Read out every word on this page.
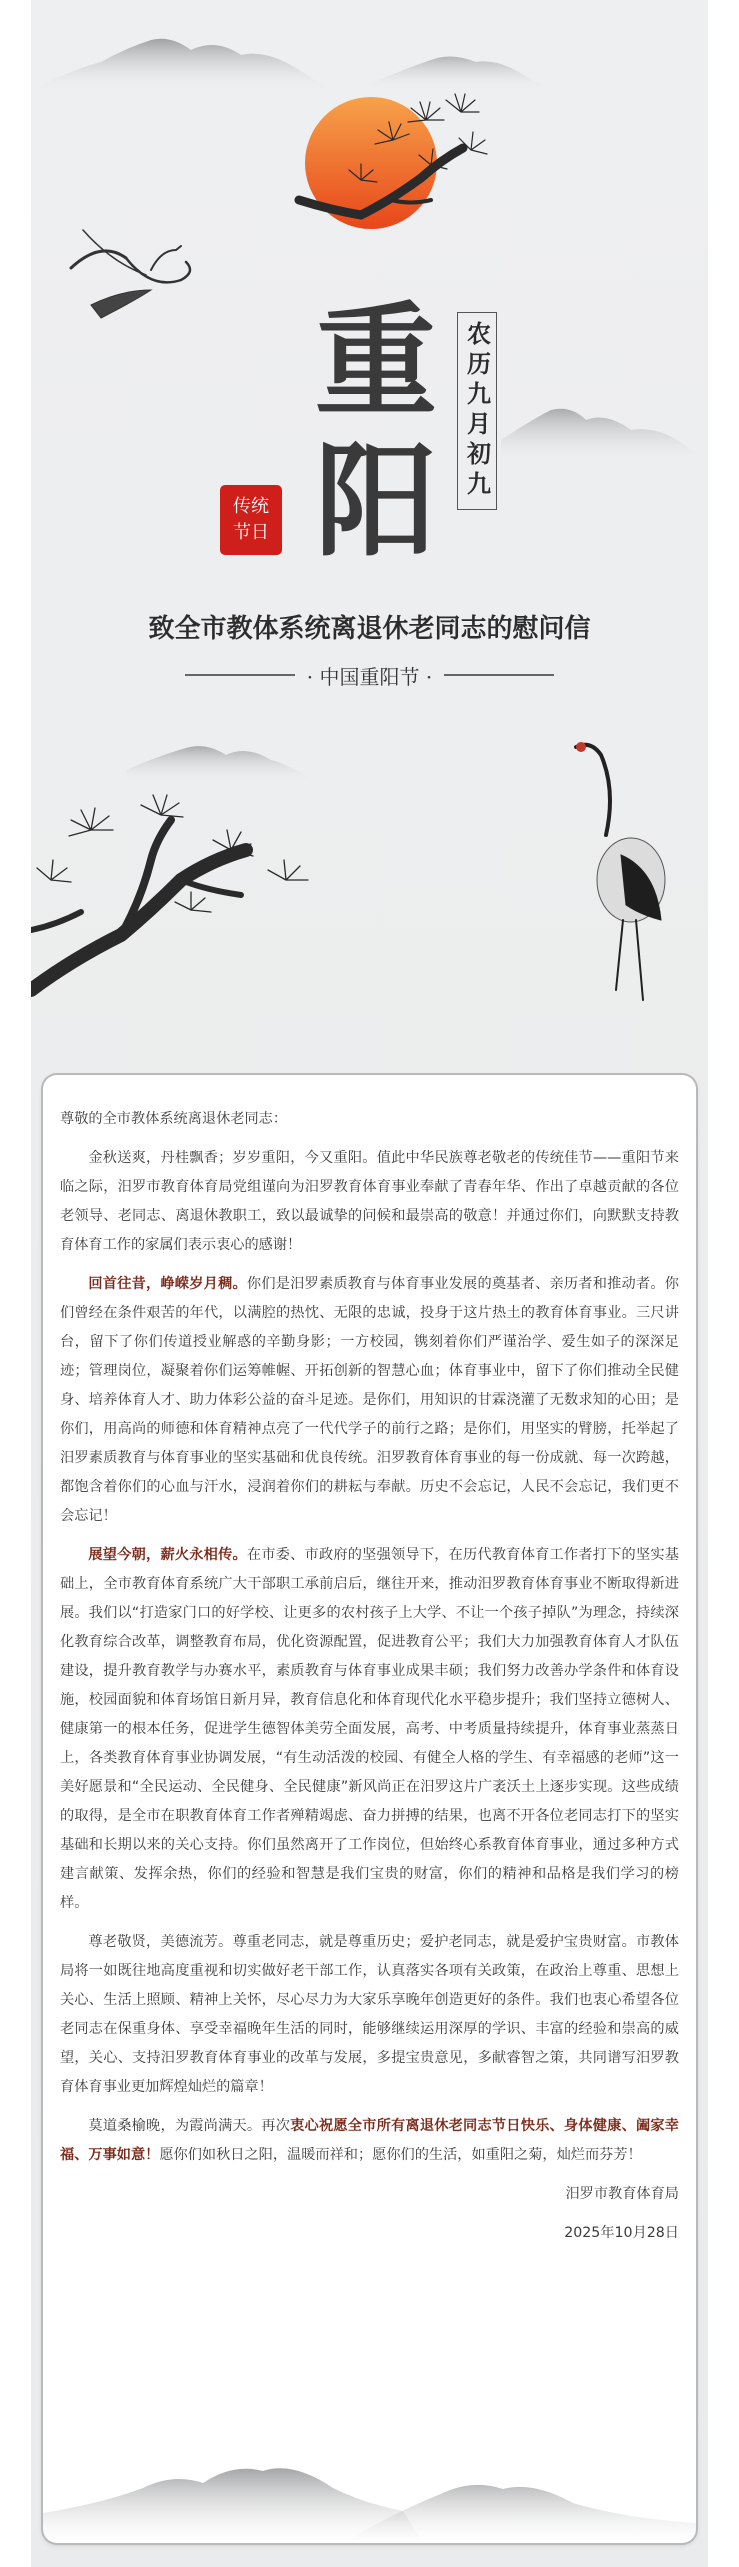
重
阳 农历九月初九
传统节日
致全市教体系统离退休老同志的慰问信
· 中国重阳节 ·

尊敬的全市教体系统离退休老同志：

金秋送爽，丹桂飘香；岁岁重阳，今又重阳。值此中华民族尊老敬老的传统佳节——重阳节来临之际，汨罗市教育体育局党组谨向为汨罗教育体育事业奉献了青春年华、作出了卓越贡献的各位老领导、老同志、离退休教职工，致以最诚挚的问候和最崇高的敬意！并通过你们，向默默支持教育体育工作的家属们表示衷心的感谢！

回首往昔，峥嵘岁月稠。你们是汨罗素质教育与体育事业发展的奠基者、亲历者和推动者。你们曾经在条件艰苦的年代，以满腔的热忱、无限的忠诚，投身于这片热土的教育体育事业。三尺讲台，留下了你们传道授业解惑的辛勤身影；一方校园，镌刻着你们严谨治学、爱生如子的深深足迹；管理岗位，凝聚着你们运筹帷幄、开拓创新的智慧心血；体育事业中，留下了你们推动全民健身、培养体育人才、助力体彩公益的奋斗足迹。是你们，用知识的甘霖浇灌了无数求知的心田；是你们，用高尚的师德和体育精神点亮了一代代学子的前行之路；是你们，用坚实的臂膀，托举起了汨罗素质教育与体育事业的坚实基础和优良传统。汨罗教育体育事业的每一份成就、每一次跨越，都饱含着你们的心血与汗水，浸润着你们的耕耘与奉献。历史不会忘记，人民不会忘记，我们更不会忘记！

展望今朝，薪火永相传。在市委、市政府的坚强领导下，在历代教育体育工作者打下的坚实基础上，全市教育体育系统广大干部职工承前启后，继往开来，推动汨罗教育体育事业不断取得新进展。我们以“打造家门口的好学校、让更多的农村孩子上大学、不让一个孩子掉队”为理念，持续深化教育综合改革，调整教育布局，优化资源配置，促进教育公平；我们大力加强教育体育人才队伍建设，提升教育教学与办赛水平，素质教育与体育事业成果丰硕；我们努力改善办学条件和体育设施，校园面貌和体育场馆日新月异，教育信息化和体育现代化水平稳步提升；我们坚持立德树人、健康第一的根本任务，促进学生德智体美劳全面发展，高考、中考质量持续提升，体育事业蒸蒸日上，各类教育体育事业协调发展，“有生动活泼的校园、有健全人格的学生、有幸福感的老师”这一美好愿景和“全民运动、全民健身、全民健康”新风尚正在汨罗这片广袤沃土上逐步实现。这些成绩的取得，是全市在职教育体育工作者殚精竭虑、奋力拼搏的结果，也离不开各位老同志打下的坚实基础和长期以来的关心支持。你们虽然离开了工作岗位，但始终心系教育体育事业，通过多种方式建言献策、发挥余热，你们的经验和智慧是我们宝贵的财富，你们的精神和品格是我们学习的榜样。

尊老敬贤，美德流芳。尊重老同志，就是尊重历史；爱护老同志，就是爱护宝贵财富。市教体局将一如既往地高度重视和切实做好老干部工作，认真落实各项有关政策，在政治上尊重、思想上关心、生活上照顾、精神上关怀，尽心尽力为大家乐享晚年创造更好的条件。我们也衷心希望各位老同志在保重身体、享受幸福晚年生活的同时，能够继续运用深厚的学识、丰富的经验和崇高的威望，关心、支持汨罗教育体育事业的改革与发展，多提宝贵意见，多献睿智之策，共同谱写汨罗教育体育事业更加辉煌灿烂的篇章！

莫道桑榆晚，为霞尚满天。再次衷心祝愿全市所有离退休老同志节日快乐、身体健康、阖家幸福、万事如意！愿你们如秋日之阳，温暖而祥和；愿你们的生活，如重阳之菊，灿烂而芬芳！

汨罗市教育体育局

2025年10月28日
